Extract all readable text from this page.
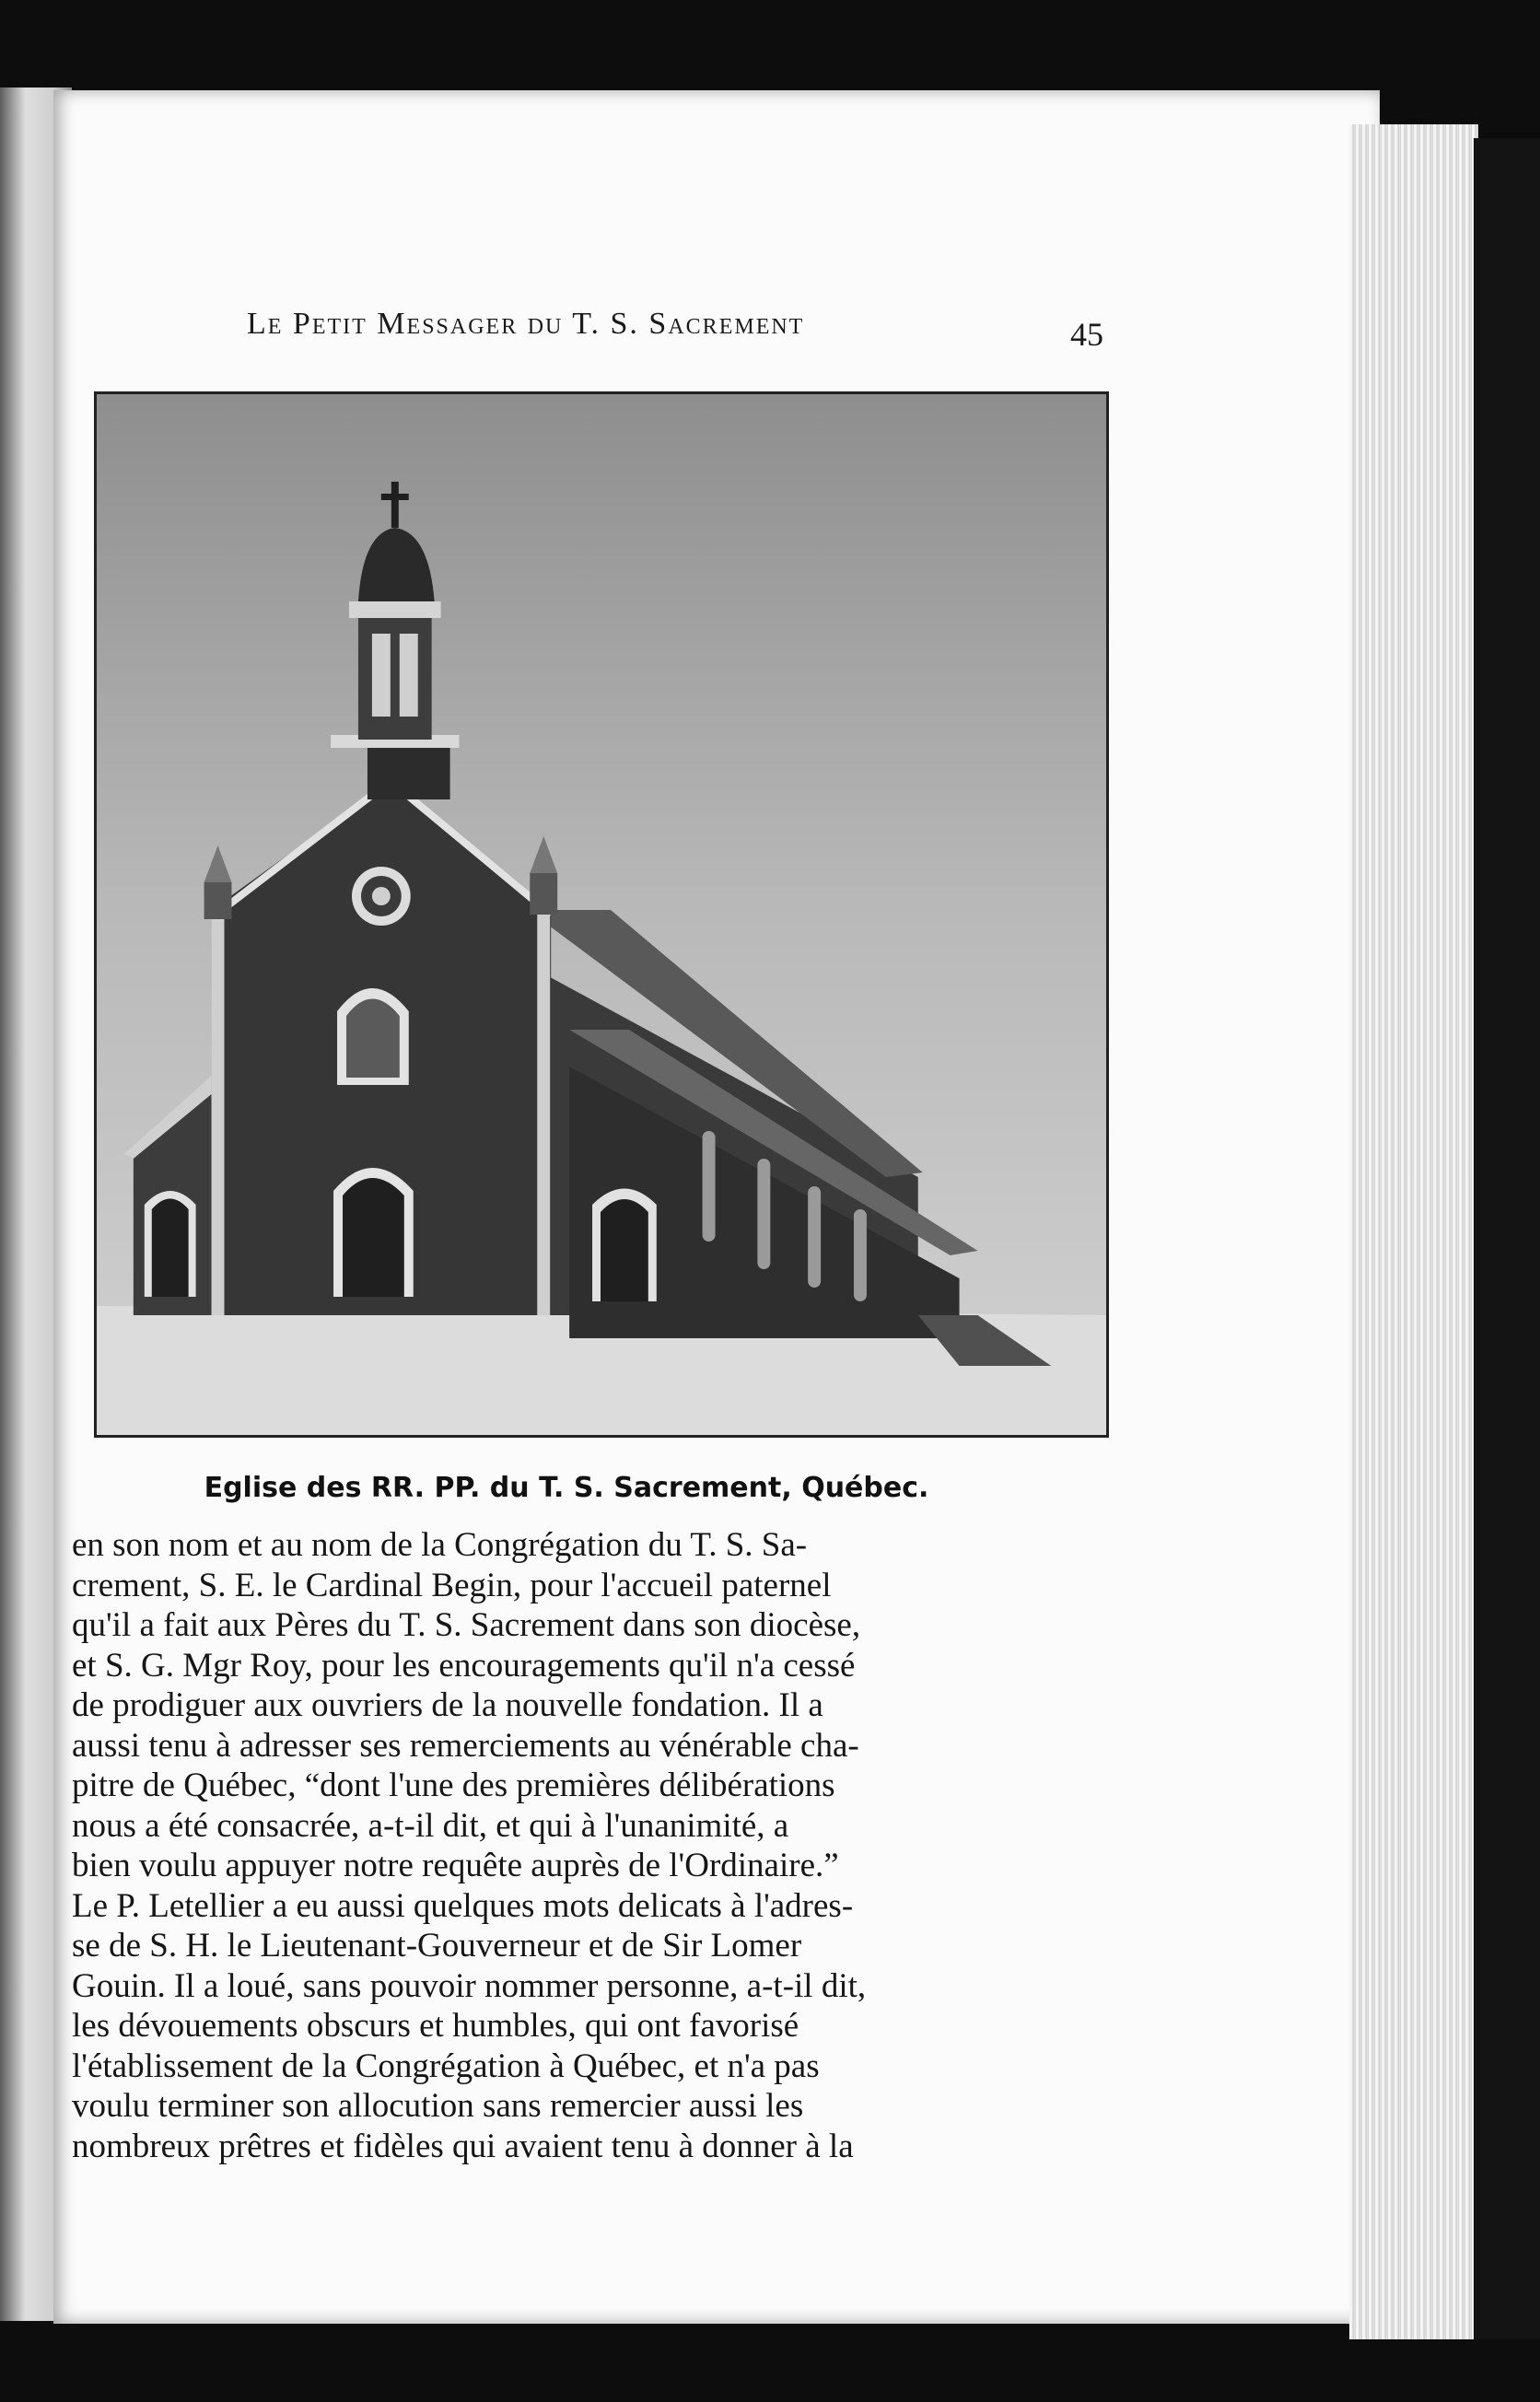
Le Petit Messager du T. S. Sacrement	45
Eglise des RR. PP. du T. S. Sacrement, Québec.
en son nom et au nom de la Congrégation du T. S. Sa-
crement, S. E. le Cardinal Begin, pour l'accueil paternel
qu'il a fait aux Pères du T. S. Sacrement dans son diocèse,
et S. G. Mgr Roy, pour les encouragements qu'il n'a cessé
de prodiguer aux ouvriers de la nouvelle fondation. Il a
aussi tenu à adresser ses remerciements au vénérable cha-
pitre de Québec, “dont l'une des premières délibérations
nous a été consacrée, a-t-il dit, et qui à l'unanimité, a
bien voulu appuyer notre requête auprès de l'Ordinaire.”
Le P. Letellier a eu aussi quelques mots delicats à l'adres-
se de S. H. le Lieutenant-Gouverneur et de Sir Lomer
Gouin. Il a loué, sans pouvoir nommer personne, a-t-il dit,
les dévouements obscurs et humbles, qui ont favorisé
l'établissement de la Congrégation à Québec, et n'a pas
voulu terminer son allocution sans remercier aussi les
nombreux prêtres et fidèles qui avaient tenu à donner à la
